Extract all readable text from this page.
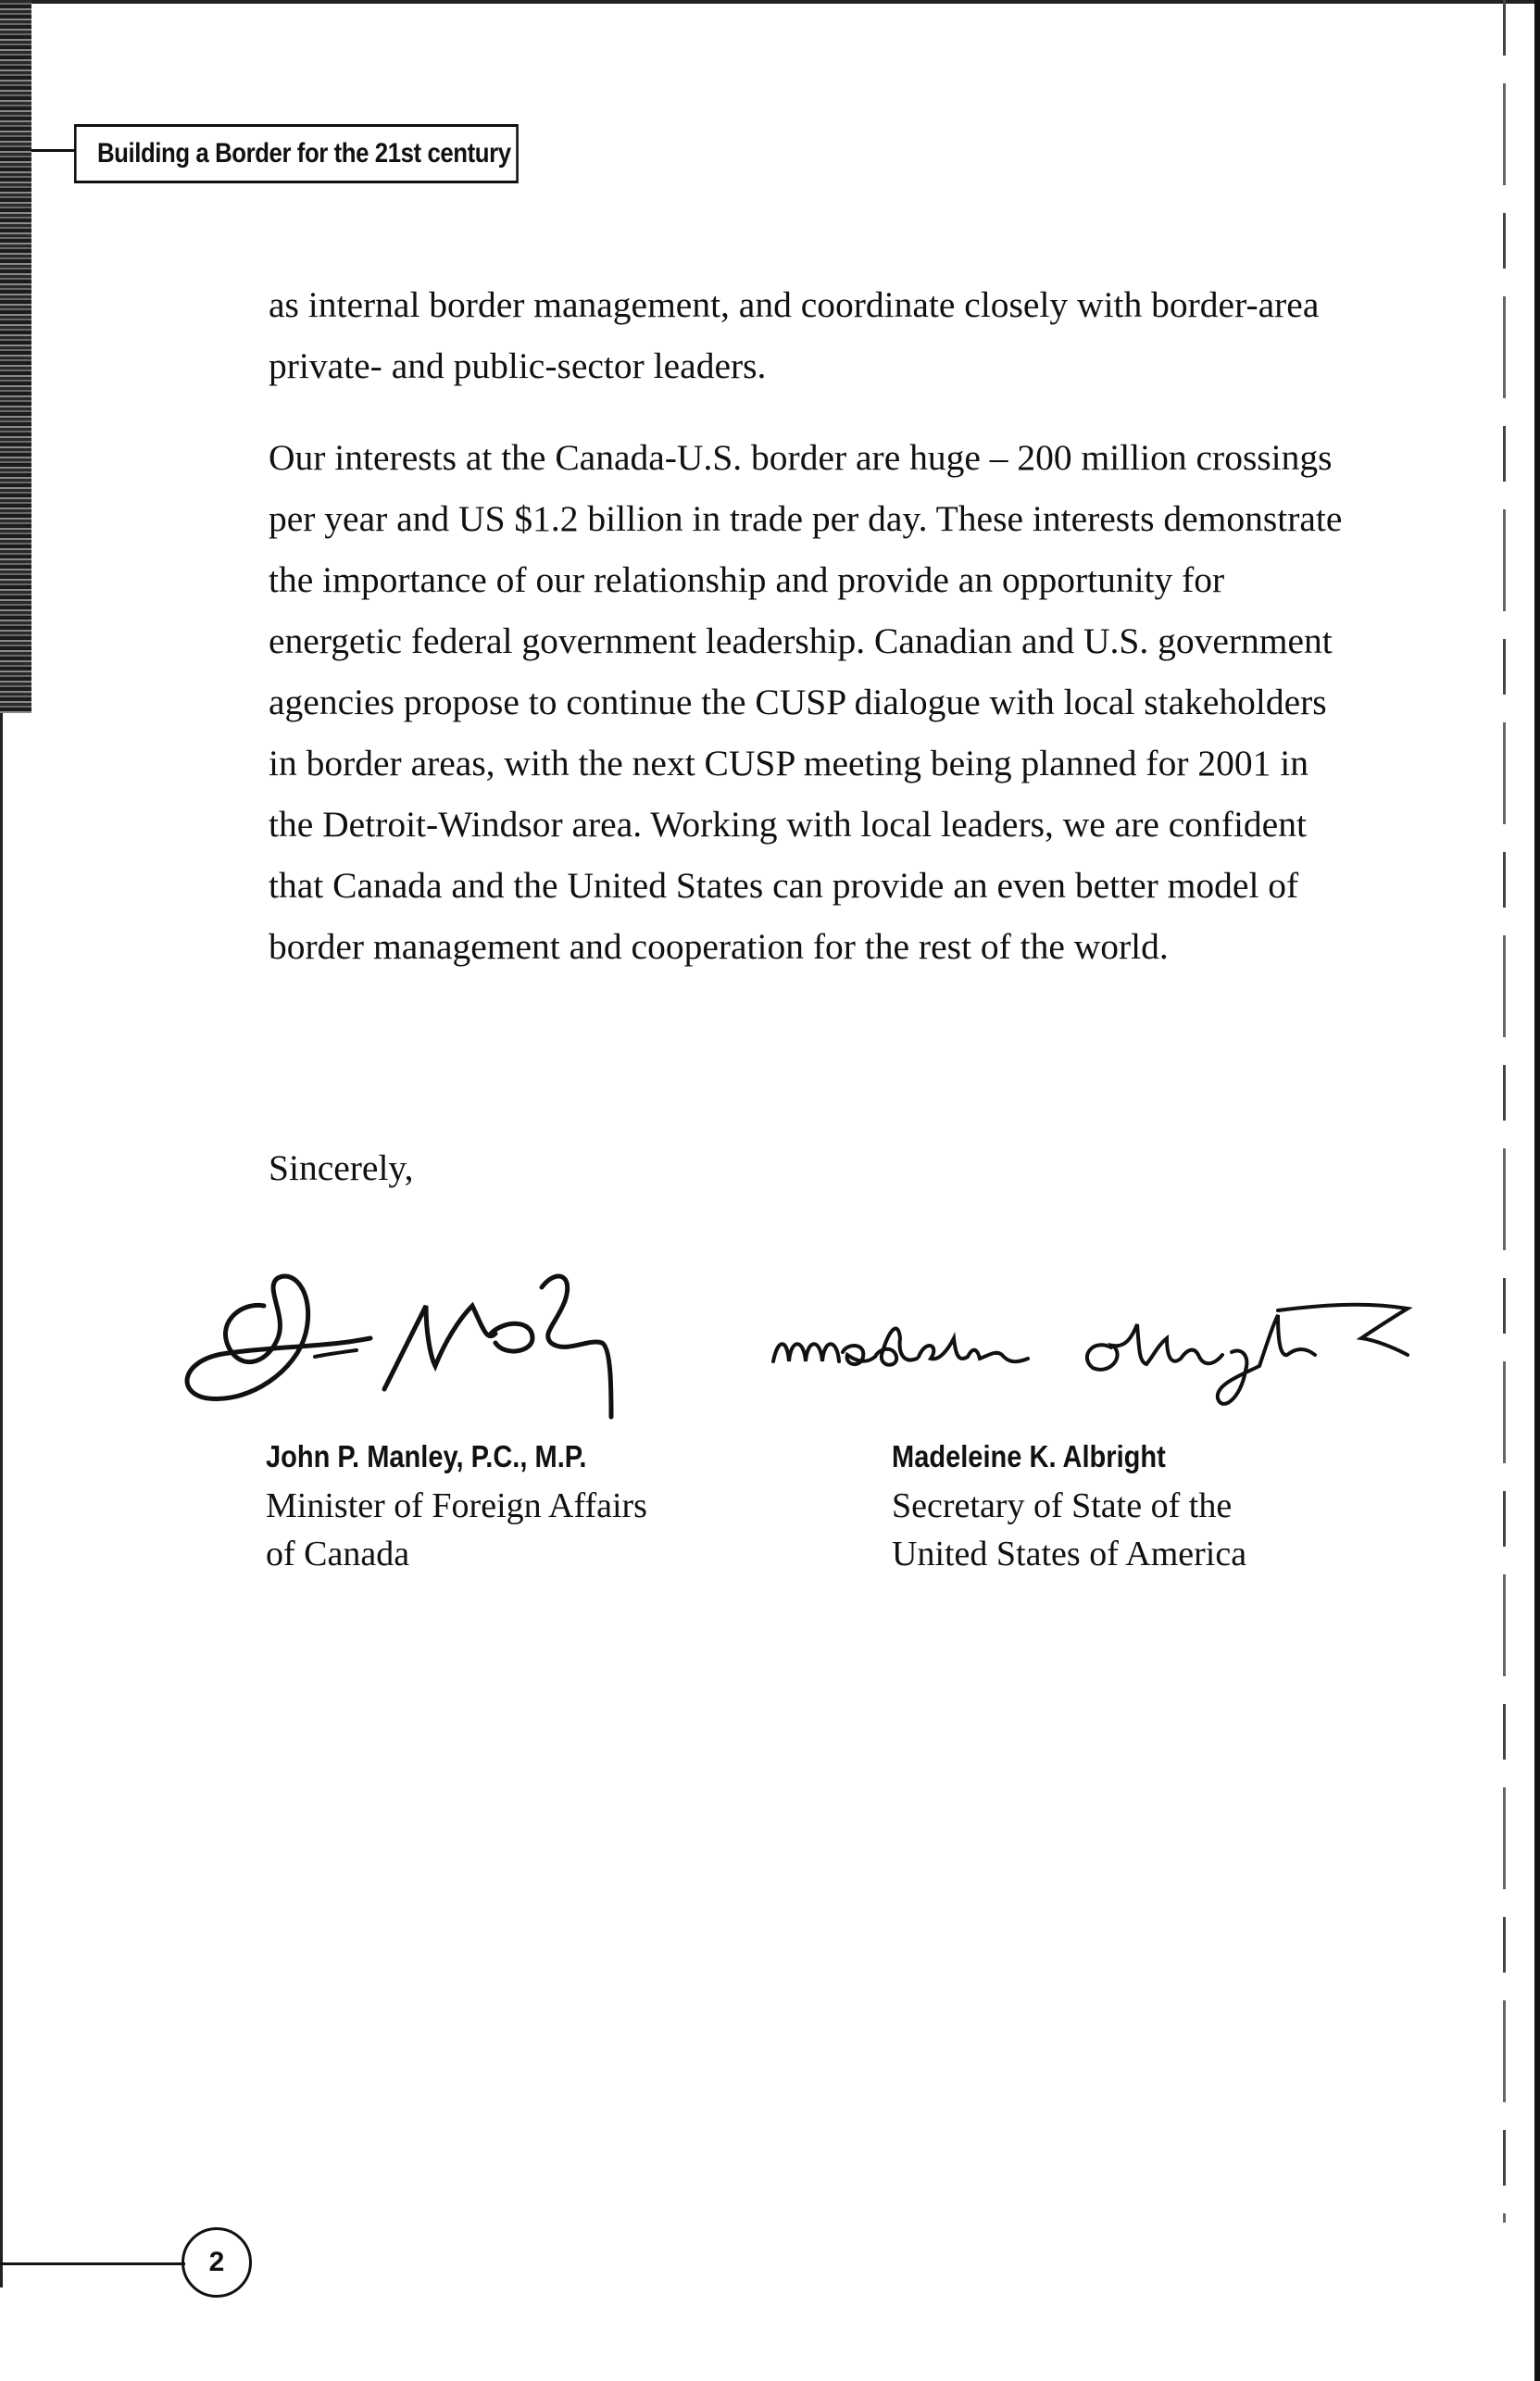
Building a Border for the 21st century

as internal border management, and coordinate closely with border-area private- and public-sector leaders.

Our interests at the Canada-U.S. border are huge – 200 million crossings per year and US $1.2 billion in trade per day. These interests demonstrate the importance of our relationship and provide an opportunity for energetic federal government leadership. Canadian and U.S. government agencies propose to continue the CUSP dialogue with local stakeholders in border areas, with the next CUSP meeting being planned for 2001 in the Detroit-Windsor area. Working with local leaders, we are confident that Canada and the United States can provide an even better model of border management and cooperation for the rest of the world.

Sincerely,
John P. Manley, P.C., M.P.
Minister of Foreign Affairs
of Canada
Madeleine K. Albright
Secretary of State of the
United States of America
2
